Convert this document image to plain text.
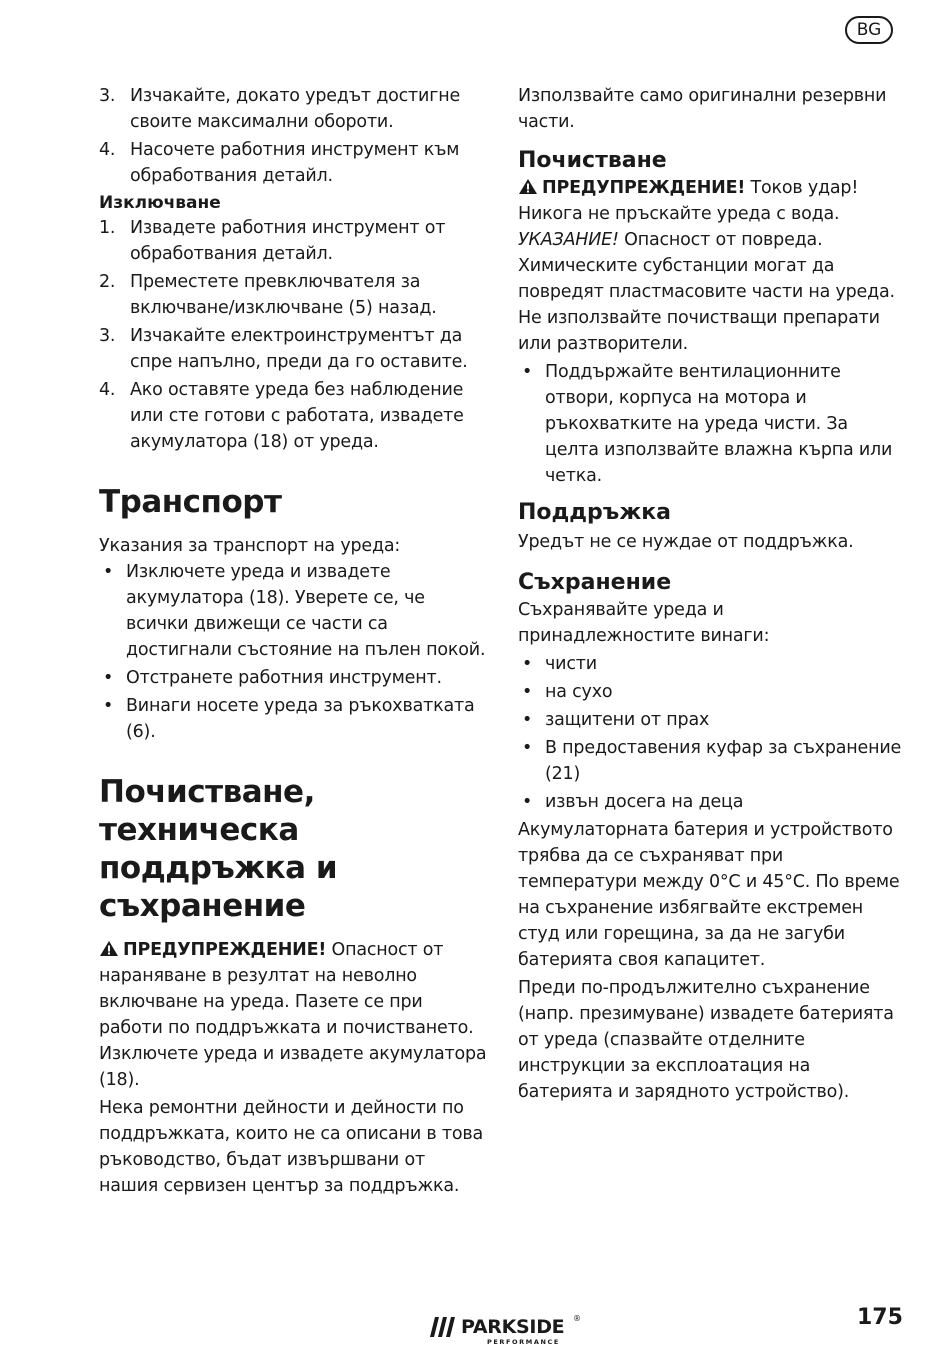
BG
3. Изчакайте, докато уредът достигне своите максимални обороти.
4. Насочете работния инструмент към обработвания детайл.
Изключване
1. Извадете работния инструмент от обработвания детайл.
2. Преместете превключвателя за включване/изключване (5) назад.
3. Изчакайте електроинструментът да спре напълно, преди да го оставите.
4. Ако оставяте уреда без наблюдение или сте готови с работата, извадете акумулатора (18) от уреда.
Транспорт

Указания за транспорт на уреда:

• Изключете уреда и извадете акумулатора (18). Уверете се, че всички движещи се части са достигнали състояние на пълен покой.
• Отстранете работния инструмент.
• Винаги носете уреда за ръкохватката (6).
Почистване,
техническа
поддръжка и
съхранение

ПРЕДУПРЕЖДЕНИЕ! Опасност от нараняване в резултат на неволно включване на уреда. Пазете се при работи по поддръжката и почистването. Изключете уреда и извадете акумулатора (18).

Нека ремонтни дейности и дейности по поддръжката, които не са описани в това ръководство, бъдат извършвани от нашия сервизен център за поддръжка.

Използвайте само оригинални резервни части.

Почистване

ПРЕДУПРЕЖДЕНИЕ! Токов удар! Никога не пръскайте уреда с вода.

УКАЗАНИЕ! Опасност от повреда. Химическите субстанции могат да повредят пластмасовите части на уреда. Не използвайте почистващи препарати или разтворители.

• Поддържайте вентилационните отвори, корпуса на мотора и ръкохватките на уреда чисти. За целта използвайте влажна кърпа или четка.
Поддръжка

Уредът не се нуждае от поддръжка.

Съхранение

Съхранявайте уреда и принадлежностите винаги:

• чисти
• на сухо
• защитени от прах
• В предоставения куфар за съхранение (21)
• извън досега на деца

Акумулаторната батерия и устройството трябва да се съхраняват при температури между 0°C и 45°C. По време на съхранение избягвайте екстремен студ или горещина, за да не загуби батерията своя капацитет.

Преди по-продължително съхранение (напр. презимуване) извадете батерията от уреда (спазвайте отделните инструкции за експлоатация на батерията и зарядното устройство).

PARKSIDE ®
PERFORMANCE
175
